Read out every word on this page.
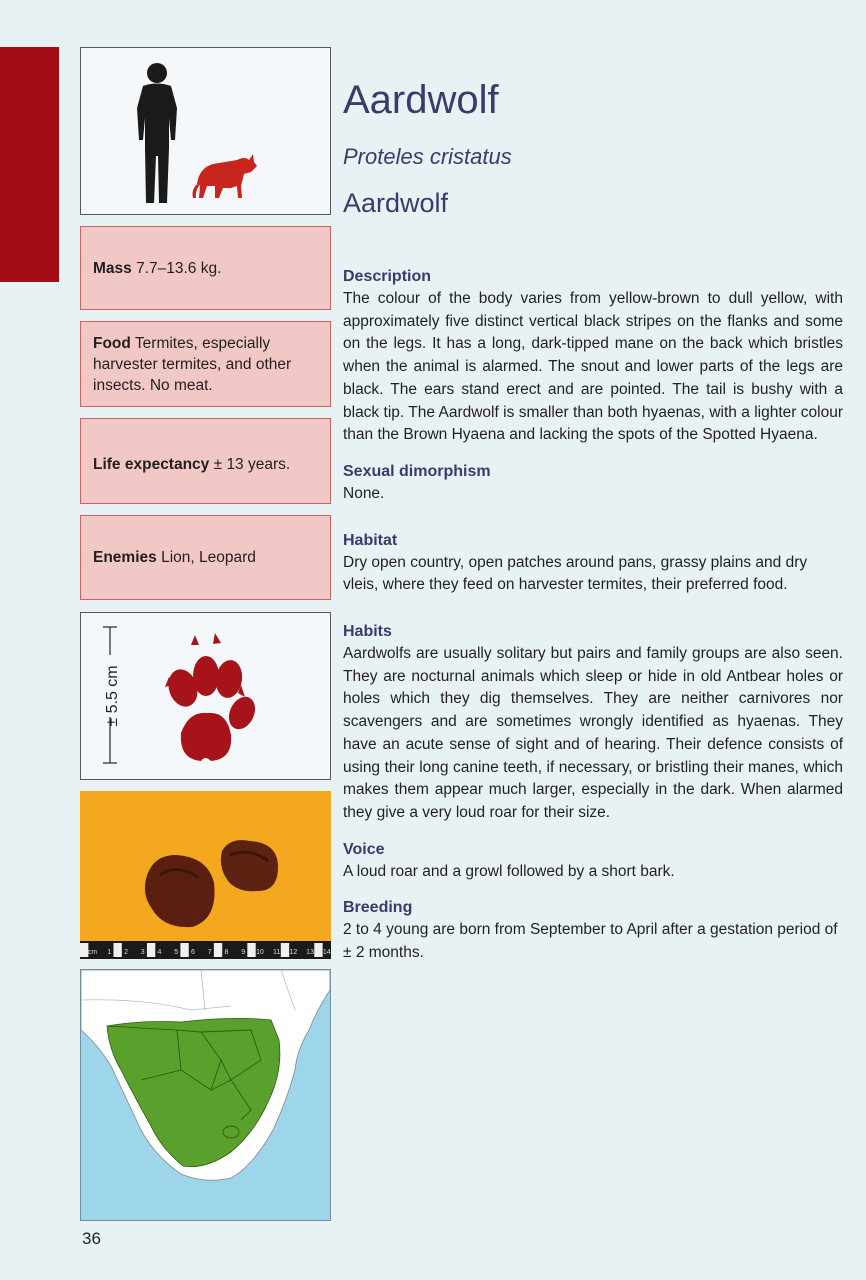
Mass 7.7–13.6 kg.
Food Termites, especially harvester termites, and other insects. No meat.
Life expectancy ± 13 years.
Enemies Lion, Leopard
± 5.5 cm
cm 1 2 3 4 5 6 7 8 9 10 11 12 13 14
Aardwolf
Proteles cristatus
Aardwolf
Description

The colour of the body varies from yellow-brown to dull yellow, with approximately five distinct vertical black stripes on the flanks and some on the legs. It has a long, dark-tipped mane on the back which bristles when the animal is alarmed. The snout and lower parts of the legs are black. The ears stand erect and are pointed. The tail is bushy with a black tip. The Aardwolf is smaller than both hyaenas, with a lighter colour than the Brown Hyaena and lacking the spots of the Spotted Hyaena.

Sexual dimorphism

None.

Habitat

Dry open country, open patches around pans, grassy plains and dry vleis, where they feed on harvester termites, their preferred food.

Habits

Aardwolfs are usually solitary but pairs and family groups are also seen. They are nocturnal animals which sleep or hide in old Antbear holes or holes which they dig themselves. They are neither carnivores nor scavengers and are sometimes wrongly identified as hyaenas. They have an acute sense of sight and of hearing. Their defence consists of using their long canine teeth, if necessary, or bristling their manes, which makes them appear much larger, especially in the dark. When alarmed they give a very loud roar for their size.

Voice

A loud roar and a growl followed by a short bark.

Breeding

2 to 4 young are born from September to April after a gestation period of ± 2 months.

36
